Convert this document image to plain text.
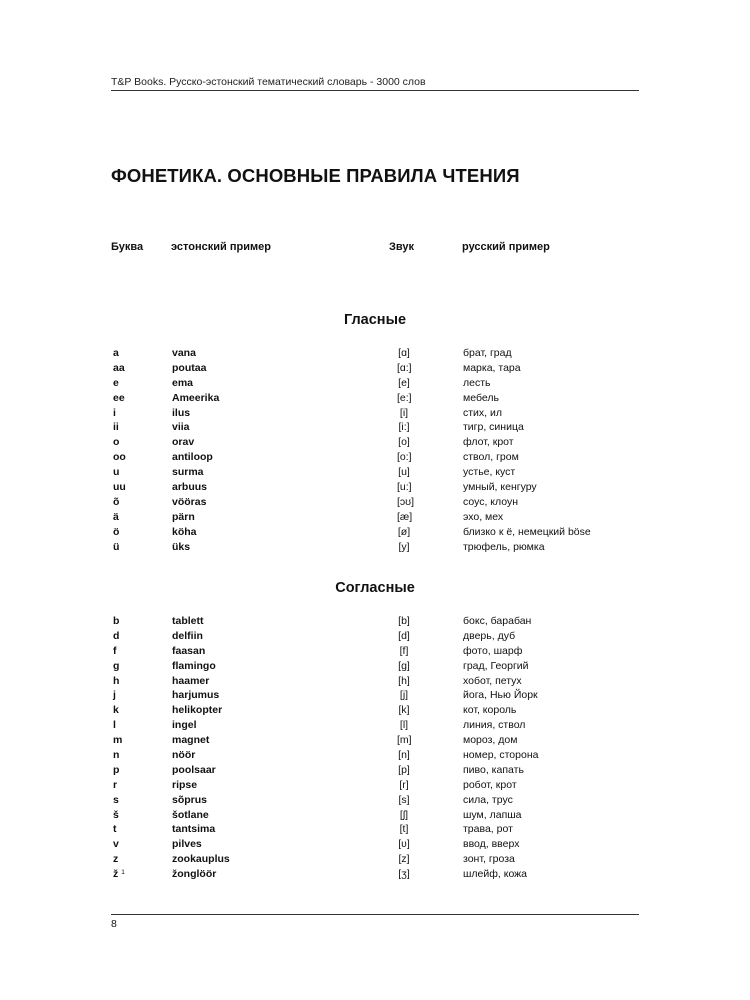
T&P Books. Русско-эстонский тематический словарь - 3000 слов
ФОНЕТИКА. ОСНОВНЫЕ ПРАВИЛА ЧТЕНИЯ
Буква	эстонский пример	Звук	русский пример
Гласные
a	vana	[ɑ]	брат, град
aa	poutaa	[ɑ:]	марка, тара
e	ema	[e]	лесть
ee	Ameerika	[e:]	мебель
i	ilus	[i]	стих, ил
ii	viia	[i:]	тигр, синица
o	orav	[o]	флот, крот
oo	antiloop	[o:]	ствол, гром
u	surma	[u]	устье, куст
uu	arbuus	[u:]	умный, кенгуру
õ	vööras	[ɔʊ]	соус, клоун
ä	pärn	[æ]	эхо, мех
ö	köha	[ø]	близко к ё, немецкий böse
ü	üks	[y]	трюфель, рюмка
Согласные
b	tablett	[b]	бокс, барабан
d	delfiin	[d]	дверь, дуб
f	faasan	[f]	фото, шарф
g	flamingo	[g]	град, Георгий
h	haamer	[h]	хобот, петух
j	harjumus	[j]	йога, Нью Йорк
k	helikopter	[k]	кот, король
l	ingel	[l]	линия, ствол
m	magnet	[m]	мороз, дом
n	nöör	[n]	номер, сторона
p	poolsaar	[p]	пиво, капать
r	ripse	[r]	робот, крот
s	sõprus	[s]	сила, трус
š	šotlane	[ʃ]	шум, лапша
t	tantsima	[t]	трава, рот
v	pilves	[ʋ]	ввод, вверх
z	zookauplus	[z]	зонт, гроза
ž $^1$	žonglöör	[ʒ]	шлейф, кожа
8
